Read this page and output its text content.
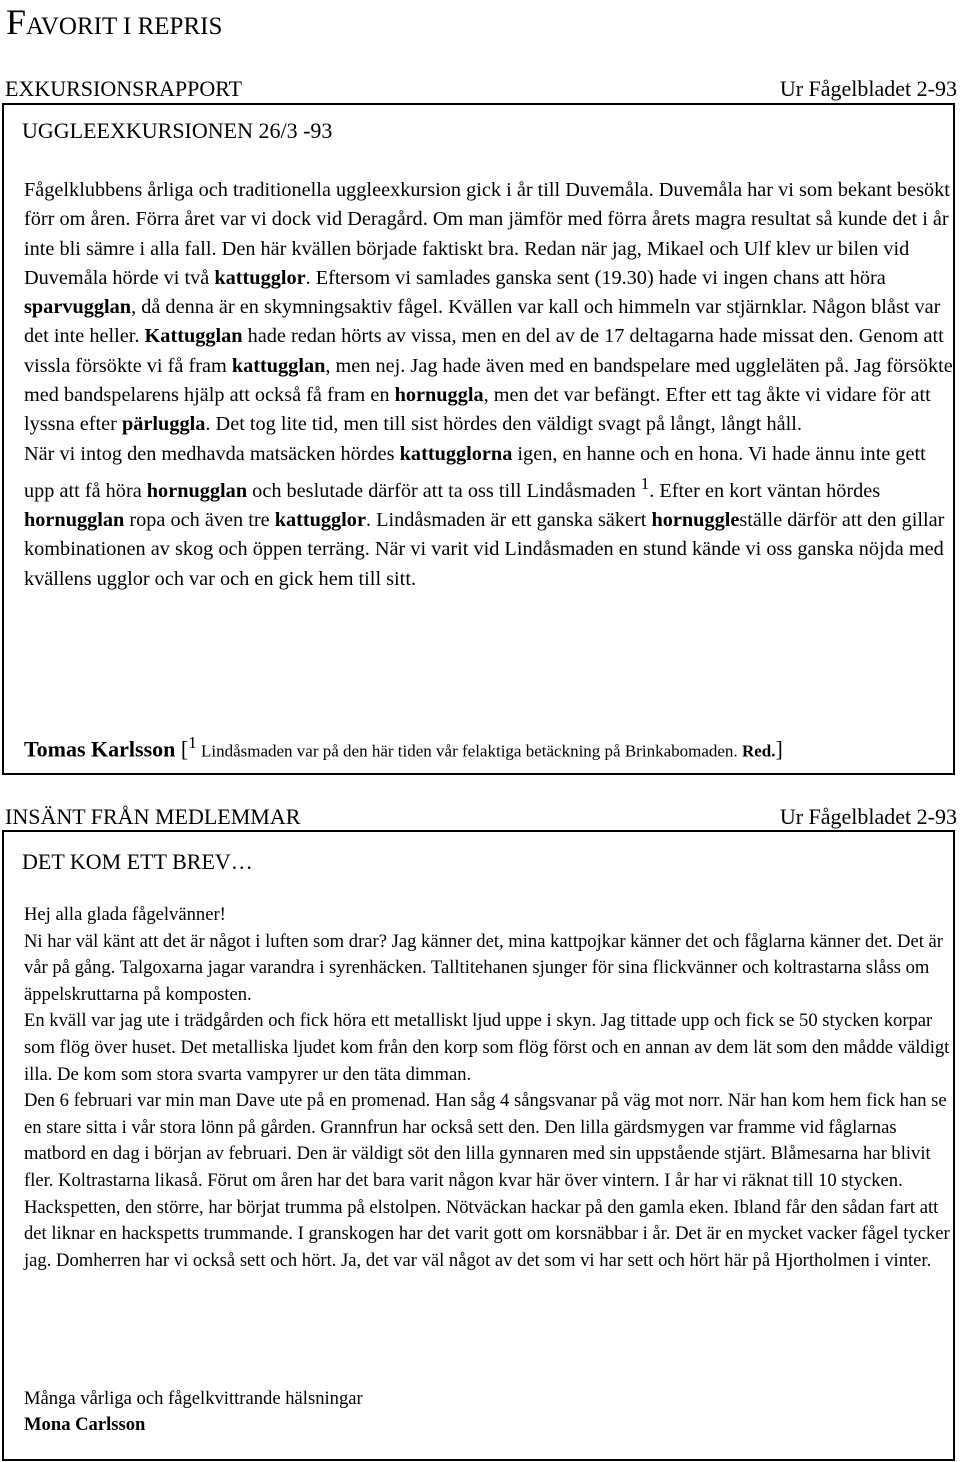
FAVORIT I REPRIS
EXKURSIONSRAPPORT	Ur Fågelbladet 2-93
UGGLEEXKURSIONEN 26/3 -93

Fågelklubbens årliga och traditionella uggleexkursion gick i år till Duvemåla. Duvemåla har vi som bekant besökt förr om åren. Förra året var vi dock vid Deragård. Om man jämför med förra årets magra resultat så kunde det i år inte bli sämre i alla fall. Den här kvällen började faktiskt bra. Redan när jag, Mikael och Ulf klev ur bilen vid Duvemåla hörde vi två kattugglor. Eftersom vi samlades ganska sent (19.30) hade vi ingen chans att höra sparvugglan, då denna är en skymningsaktiv fågel. Kvällen var kall och himmeln var stjärnklar. Någon blåst var det inte heller. Kattugglan hade redan hörts av vissa, men en del av de 17 deltagarna hade missat den. Genom att vissla försökte vi få fram kattugglan, men nej. Jag hade även med en bandspelare med uggleläten på. Jag försökte med bandspelarens hjälp att också få fram en hornuggla, men det var befängt. Efter ett tag åkte vi vidare för att lyssna efter pärluggla. Det tog lite tid, men till sist hördes den väldigt svagt på långt, långt håll.

När vi intog den medhavda matsäcken hördes kattugglorna igen, en hanne och en hona. Vi hade ännu inte gett upp att få höra hornugglan och beslutade därför att ta oss till Lindåsmaden $^1$. Efter en kort väntan hördes hornugglan ropa och även tre kattugglor. Lindåsmaden är ett ganska säkert hornuggleställe därför att den gillar kombinationen av skog och öppen terräng. När vi varit vid Lindåsmaden en stund kände vi oss ganska nöjda med kvällens ugglor och var och en gick hem till sitt.

Tomas Karlsson [$^1$ Lindåsmaden var på den här tiden vår felaktiga betäckning på Brinkabomaden. Red.]
INSÄNT FRÅN MEDLEMMAR	Ur Fågelbladet 2-93
DET KOM ETT BREV…

Hej alla glada fågelvänner!

Ni har väl känt att det är något i luften som drar? Jag känner det, mina kattpojkar känner det och fåglarna känner det. Det är vår på gång. Talgoxarna jagar varandra i syrenhäcken. Talltitehanen sjunger för sina flickvänner och koltrastarna slåss om äppelskruttarna på komposten.

En kväll var jag ute i trädgården och fick höra ett metalliskt ljud uppe i skyn. Jag tittade upp och fick se 50 stycken korpar som flög över huset. Det metalliska ljudet kom från den korp som flög först och en annan av dem lät som den mådde väldigt illa. De kom som stora svarta vampyrer ur den täta dimman.

Den 6 februari var min man Dave ute på en promenad. Han såg 4 sångsvanar på väg mot norr. När han kom hem fick han se en stare sitta i vår stora lönn på gården. Grannfrun har också sett den. Den lilla gärdsmygen var framme vid fåglarnas matbord en dag i början av februari. Den är väldigt söt den lilla gynnaren med sin uppstående stjärt. Blåmesarna har blivit fler. Koltrastarna likaså. Förut om åren har det bara varit någon kvar här över vintern. I år har vi räknat till 10 stycken. Hackspetten, den större, har börjat trumma på elstolpen. Nötväckan hackar på den gamla eken. Ibland får den sådan fart att det liknar en hackspetts trummande. I granskogen har det varit gott om korsnäbbar i år. Det är en mycket vacker fågel tycker jag. Domherren har vi också sett och hört. Ja, det var väl något av det som vi har sett och hört här på Hjortholmen i vinter.

Många vårliga och fågelkvittrande hälsningar

Mona Carlsson
